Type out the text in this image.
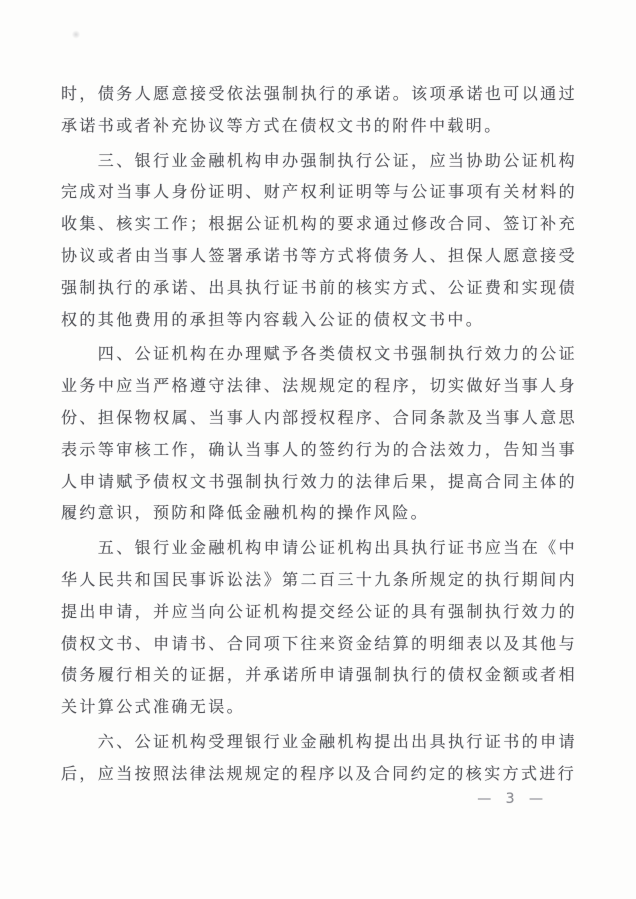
时，债务人愿意接受依法强制执行的承诺。该项承诺也可以通过承诺书或者补充协议等方式在债权文书的附件中载明。

三、银行业金融机构申办强制执行公证，应当协助公证机构完成对当事人身份证明、财产权利证明等与公证事项有关材料的收集、核实工作；根据公证机构的要求通过修改合同、签订补充协议或者由当事人签署承诺书等方式将债务人、担保人愿意接受强制执行的承诺、出具执行证书前的核实方式、公证费和实现债权的其他费用的承担等内容载入公证的债权文书中。

四、公证机构在办理赋予各类债权文书强制执行效力的公证业务中应当严格遵守法律、法规规定的程序，切实做好当事人身份、担保物权属、当事人内部授权程序、合同条款及当事人意思表示等审核工作，确认当事人的签约行为的合法效力，告知当事人申请赋予债权文书强制执行效力的法律后果，提高合同主体的履约意识，预防和降低金融机构的操作风险。

五、银行业金融机构申请公证机构出具执行证书应当在《中华人民共和国民事诉讼法》第二百三十九条所规定的执行期间内提出申请，并应当向公证机构提交经公证的具有强制执行效力的债权文书、申请书、合同项下往来资金结算的明细表以及其他与债务履行相关的证据，并承诺所申请强制执行的债权金额或者相关计算公式准确无误。

六、公证机构受理银行业金融机构提出出具执行证书的申请后，应当按照法律法规规定的程序以及合同约定的核实方式进行

— 3 —
